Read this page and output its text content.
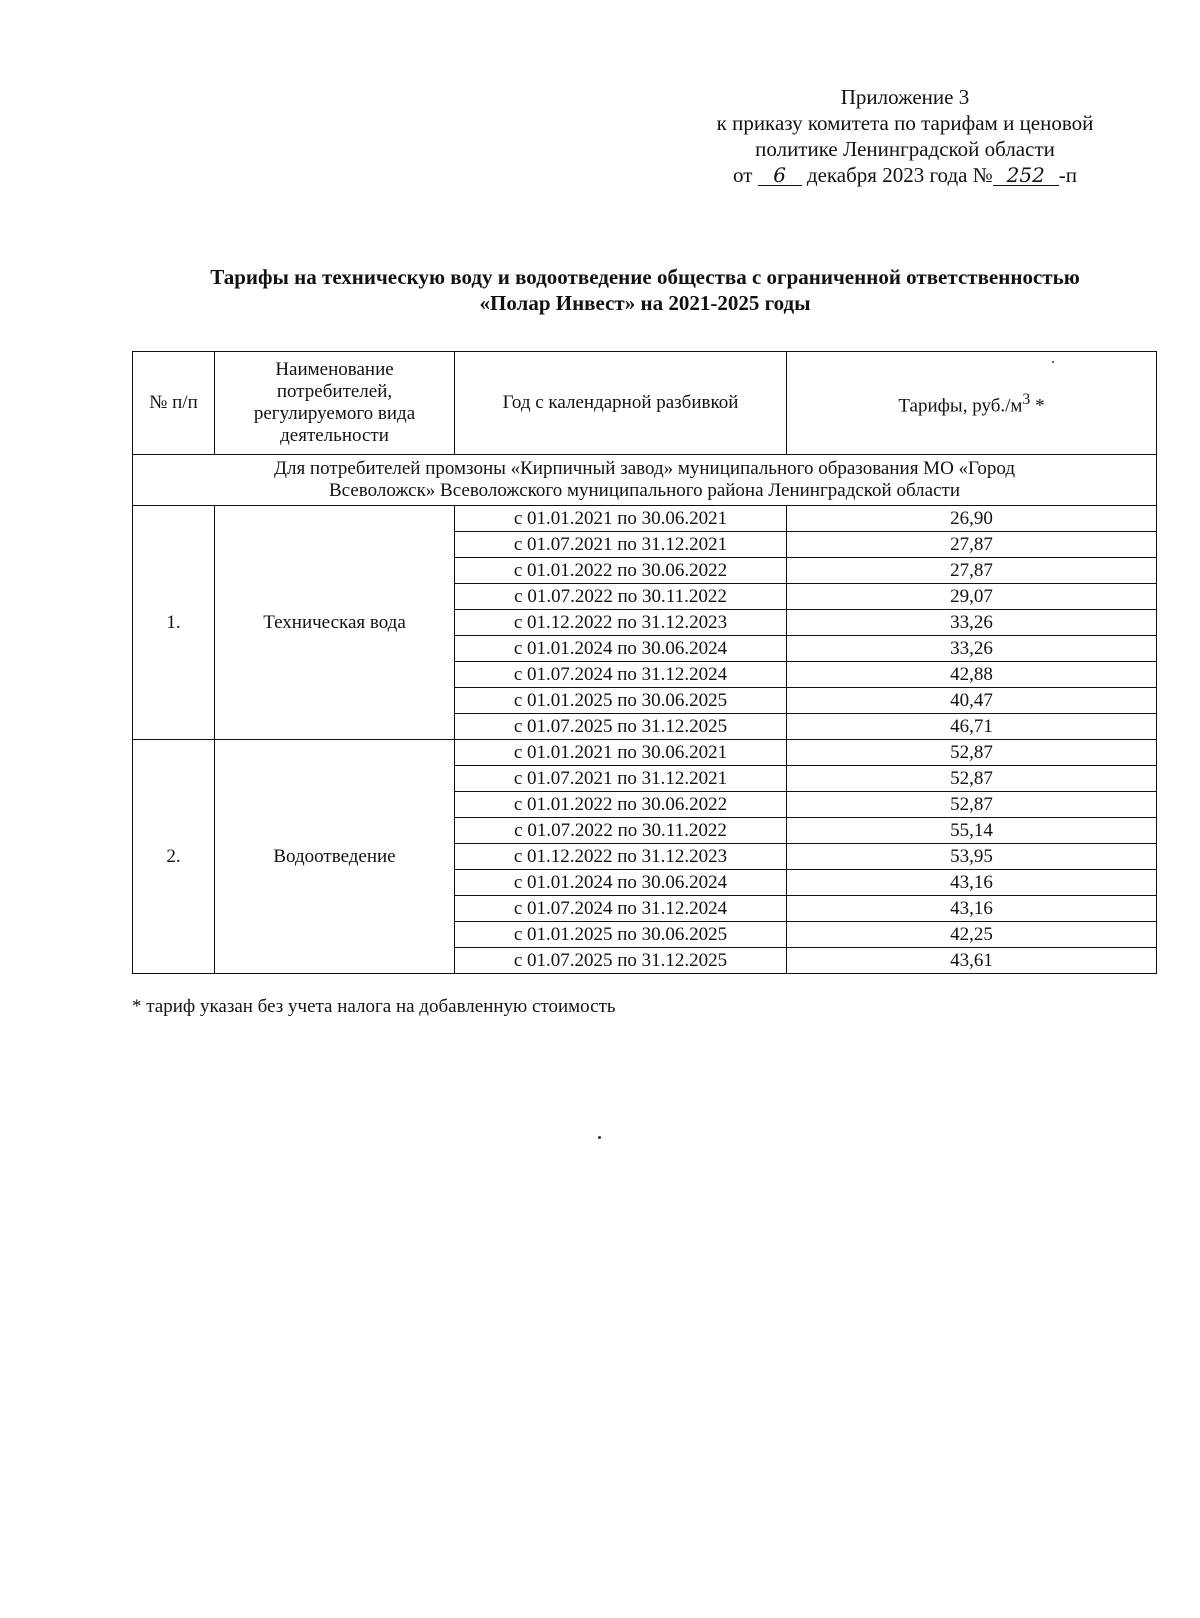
Приложение 3
к приказу комитета по тарифам и ценовой
политике Ленинградской области
от 6 декабря 2023 года № 252 -п
Тарифы на техническую воду и водоотведение общества с ограниченной ответственностью
«Полар Инвест» на 2021-2025 годы
№ п/п	Наименование потребителей, регулируемого вида деятельности	Год с календарной разбивкой	Тарифы, $руб./м^3$ *

Для потребителей промзоны «Кирпичный завод» муниципального образования МО «Город
Всеволожск» Всеволожского муниципального района Ленинградской области			

1.	Техническая вода	с 01.01.2021 по 30.06.2021	26,90
		с 01.07.2021 по 31.12.2021	27,87
		с 01.01.2022 по 30.06.2022	27,87
		с 01.07.2022 по 30.11.2022	29,07
		с 01.12.2022 по 31.12.2023	33,26
		с 01.01.2024 по 30.06.2024	33,26
		с 01.07.2024 по 31.12.2024	42,88
		с 01.01.2025 по 30.06.2025	40,47
		с 01.07.2025 по 31.12.2025	46,71
2.	Водоотведение	с 01.01.2021 по 30.06.2021	52,87
		с 01.07.2021 по 31.12.2021	52,87
		с 01.01.2022 по 30.06.2022	52,87
		с 01.07.2022 по 30.11.2022	55,14
		с 01.12.2022 по 31.12.2023	53,95
		с 01.01.2024 по 30.06.2024	43,16
		с 01.07.2024 по 31.12.2024	43,16
		с 01.01.2025 по 30.06.2025	42,25
		с 01.07.2025 по 31.12.2025	43,61
* тариф указан без учета налога на добавленную стоимость
